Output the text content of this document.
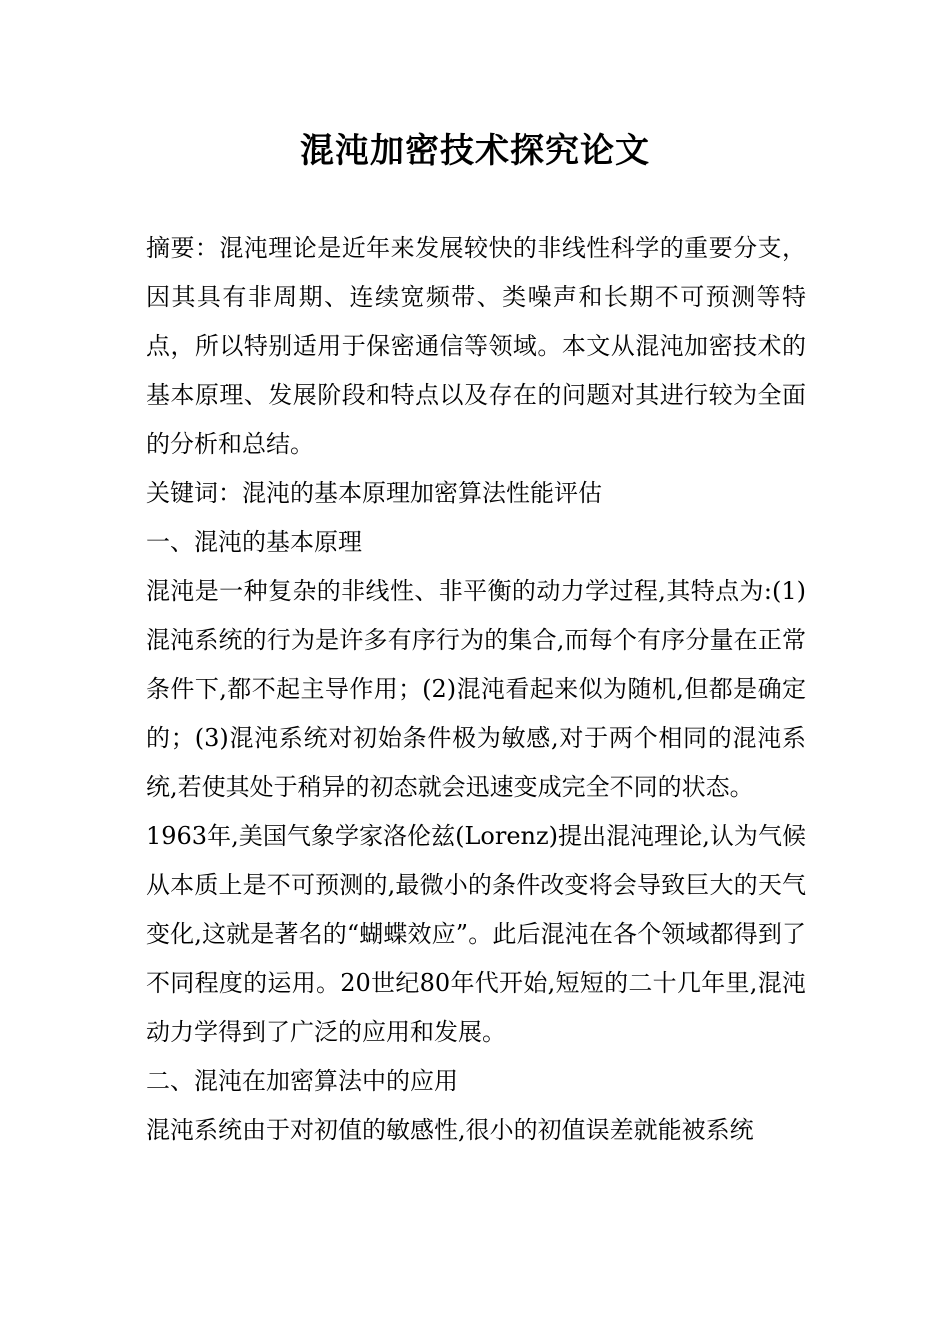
混沌加密技术探究论文

摘要：混沌理论是近年来发展较快的非线性科学的重要分支，因其具有非周期、连续宽频带、类噪声和长期不可预测等特点，所以特别适用于保密通信等领域。本文从混沌加密技术的基本原理、发展阶段和特点以及存在的问题对其进行较为全面的分析和总结。

关键词：混沌的基本原理加密算法性能评估

一、混沌的基本原理

混沌是一种复杂的非线性、非平衡的动力学过程,其特点为:(1)混沌系统的行为是许多有序行为的集合,而每个有序分量在正常条件下,都不起主导作用；(2)混沌看起来似为随机,但都是确定的；(3)混沌系统对初始条件极为敏感,对于两个相同的混沌系统,若使其处于稍异的初态就会迅速变成完全不同的状态。

1963年,美国气象学家洛伦兹(Lorenz)提出混沌理论,认为气候从本质上是不可预测的,最微小的条件改变将会导致巨大的天气变化,这就是著名的“蝴蝶效应”。此后混沌在各个领域都得到了不同程度的运用。20世纪80年代开始,短短的二十几年里,混沌动力学得到了广泛的应用和发展。

二、混沌在加密算法中的应用

混沌系统由于对初值的敏感性,很小的初值误差就能被系统
